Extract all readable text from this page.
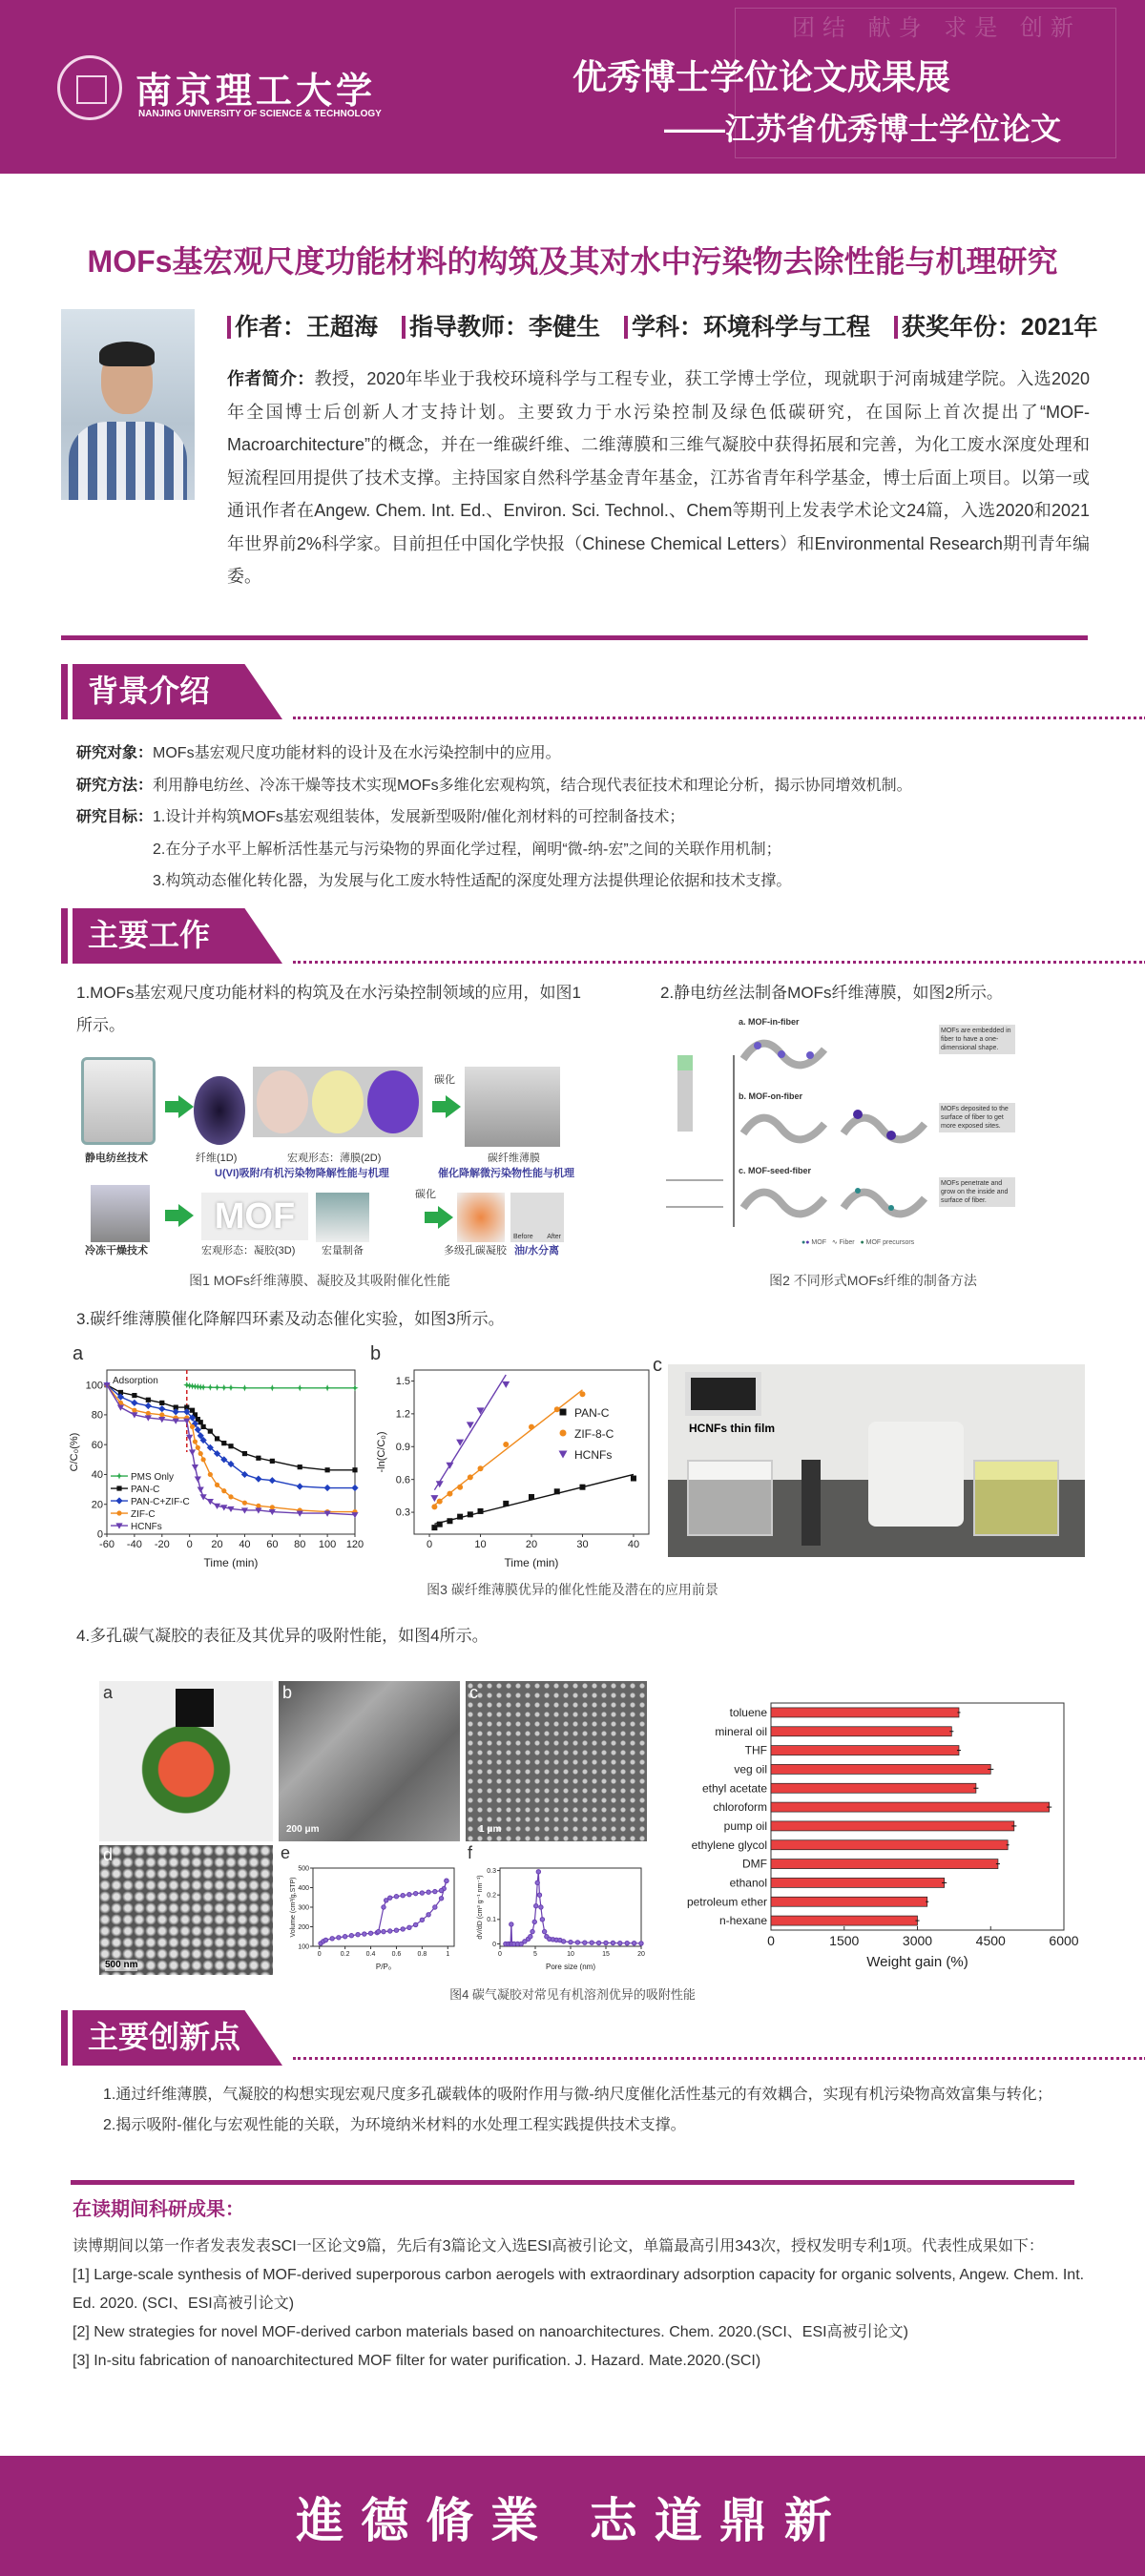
团结 献身 求是 创新
南京理工大学
NANJING UNIVERSITY OF SCIENCE & TECHNOLOGY
优秀博士学位论文成果展
——江苏省优秀博士学位论文
MOFs基宏观尺度功能材料的构筑及其对水中污染物去除性能与机理研究
作者：王超海 指导教师：李健生 学科：环境科学与工程 获奖年份：2021年
作者简介：教授，2020年毕业于我校环境科学与工程专业，获工学博士学位，现就职于河南城建学院。入选2020年全国博士后创新人才支持计划。主要致力于水污染控制及绿色低碳研究，在国际上首次提出了“MOF-Macroarchitecture”的概念，并在一维碳纤维、二维薄膜和三维气凝胶中获得拓展和完善，为化工废水深度处理和短流程回用提供了技术支撑。主持国家自然科学基金青年基金，江苏省青年科学基金，博士后面上项目。以第一或通讯作者在Angew. Chem. Int. Ed.、Environ. Sci. Technol.、Chem等期刊上发表学术论文24篇，入选2020和2021年世界前2%科学家。目前担任中国化学快报（Chinese Chemical Letters）和Environmental Research期刊青年编委。
背景介绍
研究对象：MOFs基宏观尺度功能材料的设计及在水污染控制中的应用。
研究方法：利用静电纺丝、冷冻干燥等技术实现MOFs多维化宏观构筑，结合现代表征技术和理论分析，揭示协同增效机制。
研究目标：1.设计并构筑MOFs基宏观组装体，发展新型吸附/催化剂材料的可控制备技术；
2.在分子水平上解析活性基元与污染物的界面化学过程，阐明“微-纳-宏”之间的关联作用机制；
3.构筑动态催化转化器，为发展与化工废水特性适配的深度处理方法提供理论依据和技术支撑。
主要工作
1.MOFs基宏观尺度功能材料的构筑及在水污染控制领域的应用，如图1所示。
2.静电纺丝法制备MOFs纤维薄膜，如图2所示。
静电纺丝技术
碳化
纤维(1D)	宏观形态：薄膜(2D)	碳纤维薄膜
U(VI)吸附/有机污染物降解性能与机理	催化降解微污染物性能与机理
冷冻干燥技术
MOF
碳化
Before After
宏观形态：凝胶(3D)	宏量制备	多级孔碳凝胶 油/水分离
图1 MOFs纤维薄膜、凝胶及其吸附催化性能
a. MOF-in-fiber
MOFs are embedded in fiber to have a one-dimensional shape.
b. MOF-on-fiber
MOFs deposited to the surface of fiber to get more exposed sites.
c. MOF-seed-fiber
MOFs penetrate and grow on the inside and surface of fiber.
●● MOF   ∿ Fiber ● MOF precursors
图2 不同形式MOFs纤维的制备方法
3.碳纤维薄膜催化降解四环素及动态催化实验，如图3所示。
-60 -40 -20 0 20 40 60 80 100 120
0
20
40
60
80
100
Time (min)
C/C₀(%)
Adsorption
PMS Only
PAN-C
PAN-C+ZIF-C
ZIF-C
HCNFs
a
0	10	20	30	40
0.3
0.6
0.9
1.2
1.5
Time (min)
-ln(C/C₀)
PAN-C
ZIF-8-C
HCNFs
b
c
HCNFs thin film
图3 碳纤维薄膜优异的催化性能及潜在的应用前景
4.多孔碳气凝胶的表征及其优异的吸附性能，如图4所示。
a	b
200 μm
c
1 μm
d
500 nm
0	0.2 0.4 0.6 0.8	1
100
200
300
400
500
P/P₀
Volume (cm³/g,STP)
e
0	5	10	15	20
0
0.1
0.2
0.3
Pore size (nm)
dV/dD (cm³ g⁻¹ nm⁻¹)
f
toluene
mineral oil
THF
veg oil
ethyl acetate
chloroform
pump oil
ethylene glycol
DMF
ethanol
petroleum ether
n-hexane
0	1500	3000	4500	6000
Weight gain (%)
图4 碳气凝胶对常见有机溶剂优异的吸附性能
主要创新点
1.通过纤维薄膜，气凝胶的构想实现宏观尺度多孔碳载体的吸附作用与微-纳尺度催化活性基元的有效耦合，实现有机污染物高效富集与转化；
2.揭示吸附-催化与宏观性能的关联，为环境纳米材料的水处理工程实践提供技术支撑。
在读期间科研成果：
读博期间以第一作者发表发表SCI一区论文9篇，先后有3篇论文入选ESI高被引论文，单篇最高引用343次，授权发明专利1项。代表性成果如下：
[1] Large-scale synthesis of MOF-derived superporous carbon aerogels with extraordinary adsorption capacity for organic solvents, Angew. Chem. Int. Ed. 2020. (SCI、ESI高被引论文)
[2] New strategies for novel MOF-derived carbon materials based on nanoarchitectures. Chem. 2020.(SCI、ESI高被引论文)
[3] In-situ fabrication of nanoarchitectured MOF filter for water purification. J. Hazard. Mate.2020.(SCI)
進德脩業 志道鼎新
